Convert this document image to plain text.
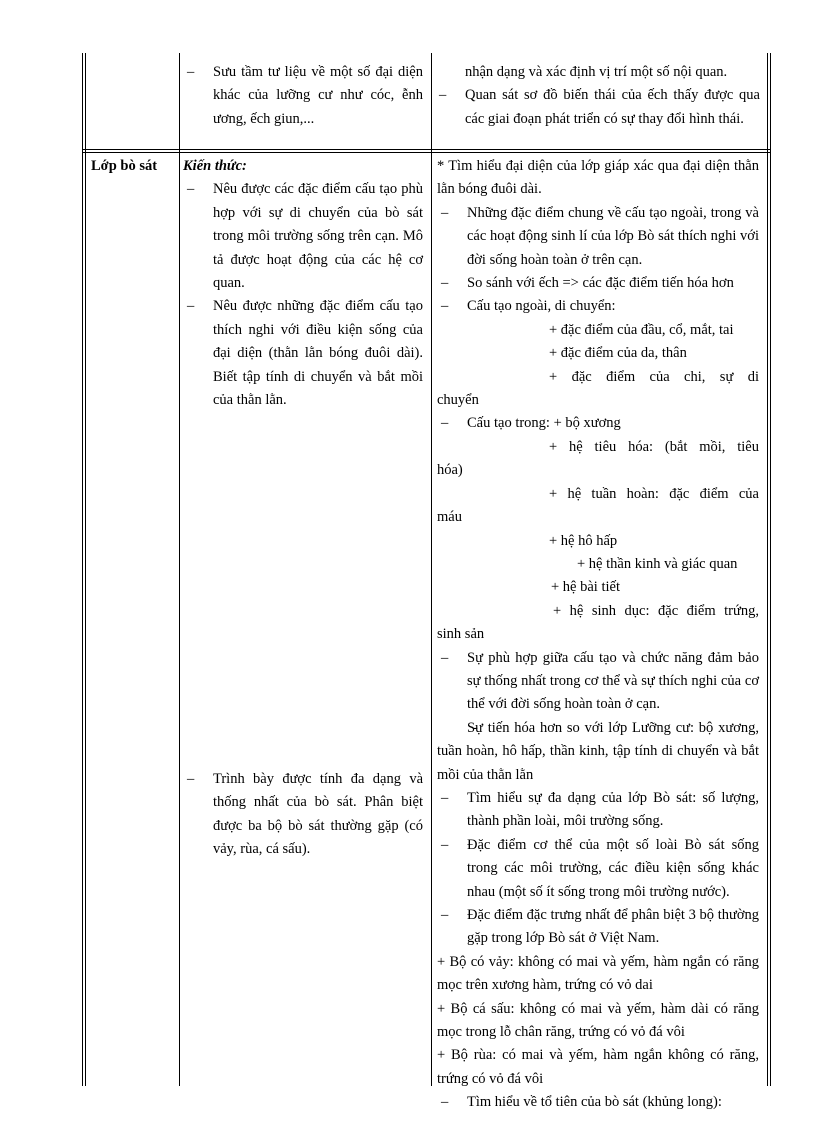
– Sưu tầm tư liệu về một số đại diện khác của lưỡng cư như cóc, ễnh ương, ếch giun,...

nhận dạng và xác định vị trí một số nội quan.

– Quan sát sơ đồ biến thái của ếch thấy được qua các giai đoạn phát triển có sự thay đổi hình thái.

Lớp bò sát	Kiến thức:

– Nêu được các đặc điểm cấu tạo phù hợp với sự di chuyển của bò sát trong môi trường sống trên cạn. Mô tả được hoạt động của các hệ cơ quan.

– Nêu được những đặc điểm cấu tạo thích nghi với điều kiện sống của đại diện (thằn lằn bóng đuôi dài). Biết tập tính di chuyển và bắt mồi của thằn lằn.

– Trình bày được tính đa dạng và thống nhất của bò sát. Phân biệt được ba bộ bò sát thường gặp (có vảy, rùa, cá sấu).

* Tìm hiểu đại diện của lớp giáp xác qua đại diện thằn lằn bóng đuôi dài.

– Những đặc điểm chung về cấu tạo ngoài, trong và các hoạt động sinh lí của lớp Bò sát thích nghi với đời sống hoàn toàn ở trên cạn.

– So sánh với ếch => các đặc điểm tiến hóa hơn

– Cấu tạo ngoài, di chuyển:

+ đặc điểm của đầu, cổ, mắt, tai

+ đặc điểm của da, thân

+ đặc điểm của chi, sự di

chuyển

– Cấu tạo trong: + bộ xương

+ hệ tiêu hóa: (bắt mồi, tiêu

hóa)

+ hệ tuần hoàn: đặc điểm của

máu

+ hệ hô hấp

+ hệ thần kinh và giác quan

+ hệ bài tiết

+ hệ sinh dục: đặc điểm trứng,

sinh sản

– Sự phù hợp giữa cấu tạo và chức năng đảm bảo sự thống nhất trong cơ thể và sự thích nghi của cơ thể với đời sống hoàn toàn ở cạn.

- Sự tiến hóa hơn so với lớp Lưỡng cư: bộ xương, tuần hoàn, hô hấp, thần kinh, tập tính di chuyển và bắt mồi của thằn lằn

– Tìm hiểu sự đa dạng của lớp Bò sát: số lượng, thành phần loài, môi trường sống.

– Đặc điểm cơ thể của một số loài Bò sát sống trong các môi trường, các điều kiện sống khác nhau (một số ít sống trong môi trường nước).

– Đặc điểm đặc trưng nhất để phân biệt 3 bộ thường gặp trong lớp Bò sát ở Việt Nam.

+ Bộ có vảy: không có mai và yếm, hàm ngắn có răng mọc trên xương hàm, trứng có vỏ dai

+ Bộ cá sấu: không có mai và yếm, hàm dài có răng mọc trong lỗ chân răng, trứng có vỏ đá vôi

+ Bộ rùa: có mai và yếm, hàm ngắn không có răng, trứng có vỏ đá vôi

– Tìm hiểu về tổ tiên của bò sát (khủng long):
